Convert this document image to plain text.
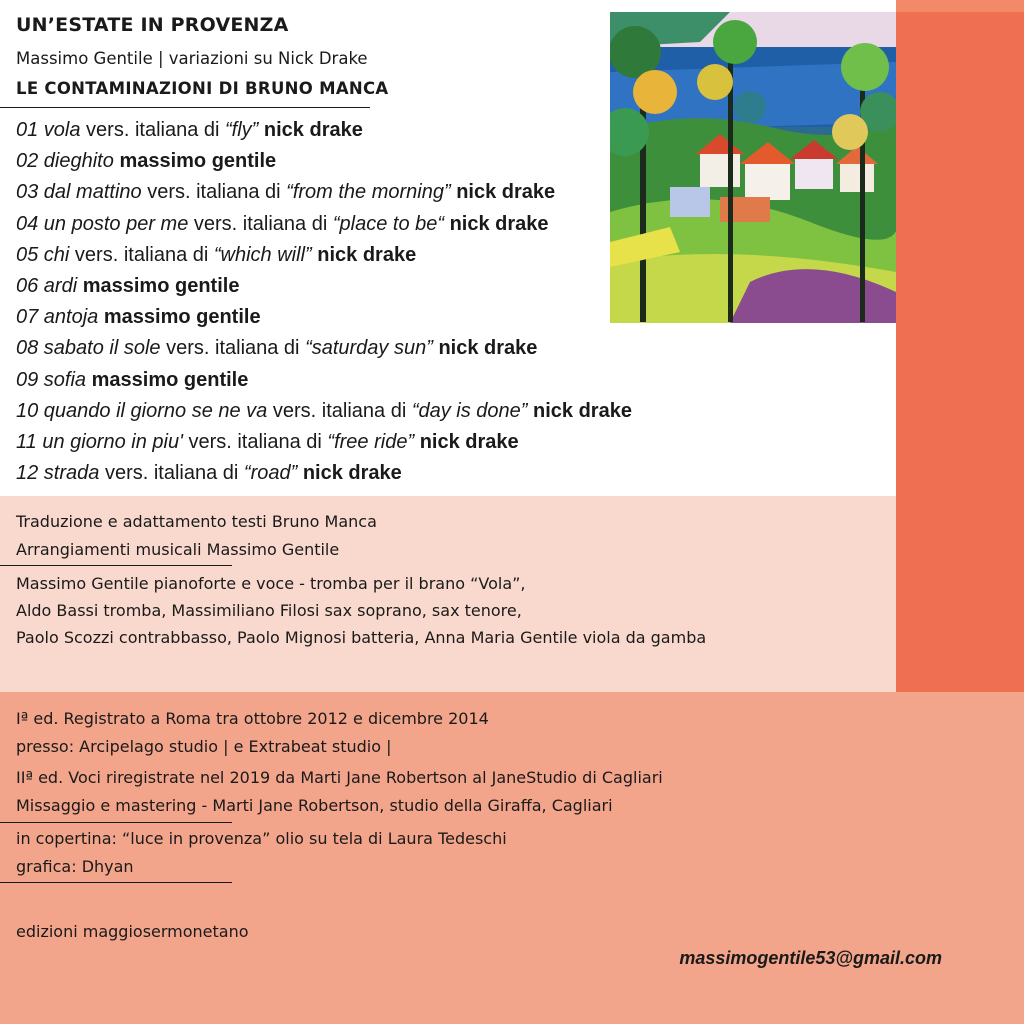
UN’ESTATE IN PROVENZA
Massimo Gentile | variazioni su Nick Drake
LE CONTAMINAZIONI DI BRUNO MANCA
01 vola vers. italiana di “fly” nick drake
02 dieghito massimo gentile
03 dal mattino vers. italiana di “from the morning” nick drake
04 un posto per me vers. italiana di “place to be“ nick drake
05 chi vers. italiana di “which will” nick drake
06 ardi massimo gentile
07 antoja massimo gentile
08 sabato il sole vers. italiana di “saturday sun” nick drake
09 sofia massimo gentile
10 quando il giorno se ne va vers. italiana di “day is done” nick drake
11 un giorno in piu' vers. italiana di “free ride” nick drake
12 strada vers. italiana di “road” nick drake
Traduzione e adattamento testi Bruno Manca
Arrangiamenti musicali Massimo Gentile
Massimo Gentile pianoforte e voce - tromba per il brano “Vola”,
Aldo Bassi tromba, Massimiliano Filosi sax soprano, sax tenore,
Paolo Scozzi contrabbasso, Paolo Mignosi batteria, Anna Maria Gentile viola da gamba
Iª ed. Registrato a Roma tra ottobre 2012 e dicembre 2014
presso: Arcipelago studio | e Extrabeat studio |
IIª ed. Voci riregistrate nel 2019 da Marti Jane Robertson al JaneStudio di Cagliari
Missaggio e mastering - Marti Jane Robertson, studio della Giraffa, Cagliari
in copertina: “luce in provenza” olio su tela di Laura Tedeschi
grafica: Dhyan
edizioni maggiosermonetano
massimogentile53@gmail.com
